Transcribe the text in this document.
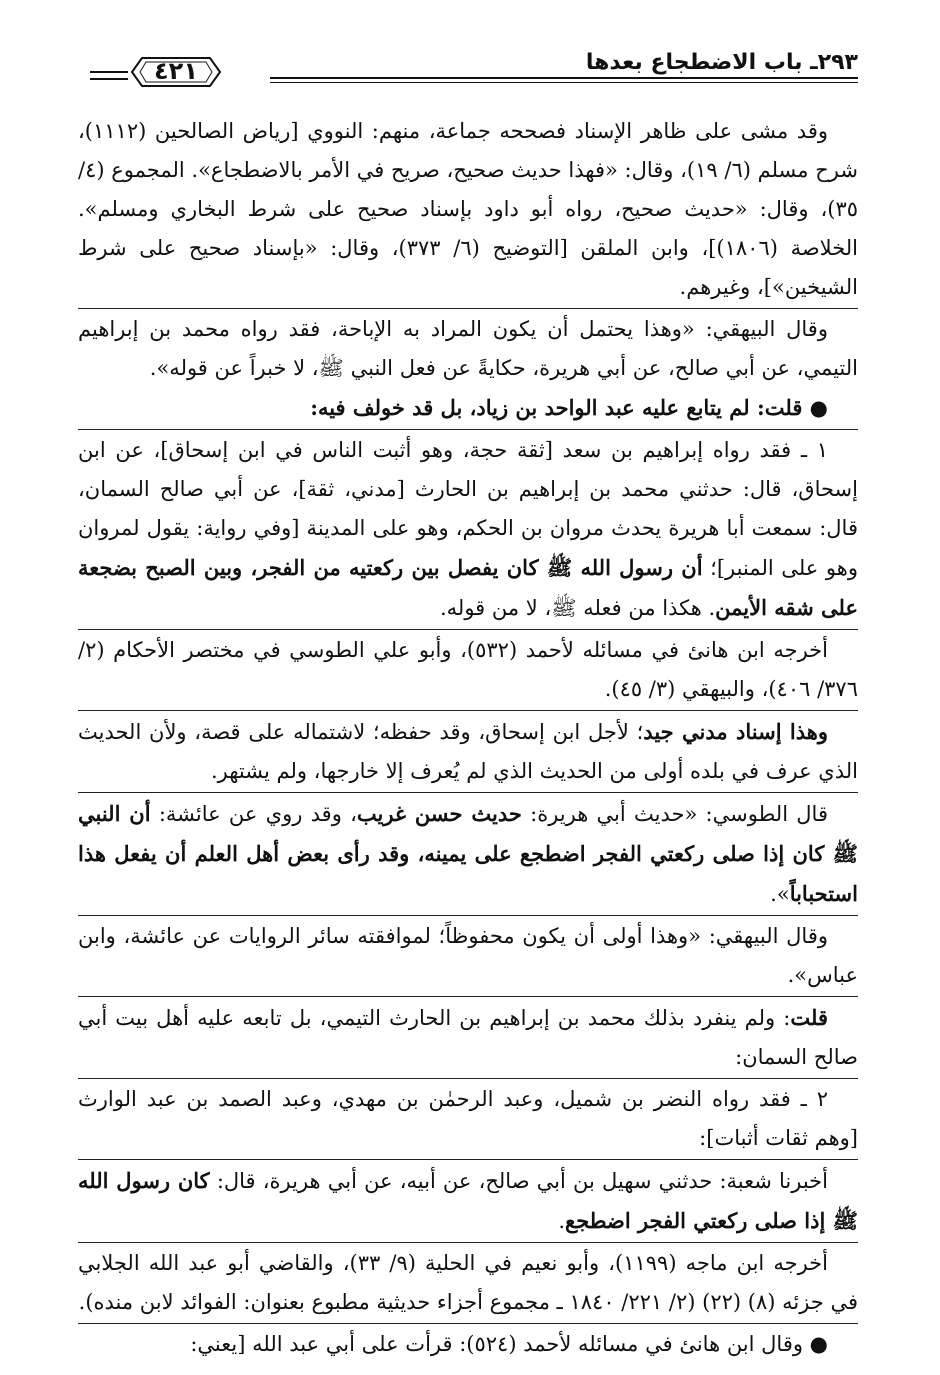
٢٩٣ـ باب الاضطجاع بعدها
٤٢١

وقد مشى على ظاهر الإسناد فصححه جماعة، منهم: النووي [رياض الصالحين (١١١٢)، شرح مسلم (٦/ ١٩)، وقال: «فهذا حديث صحيح، صريح في الأمر بالاضطجاع». المجموع (٤/ ٣٥)، وقال: «حديث صحيح، رواه أبو داود بإسناد صحيح على شرط البخاري ومسلم». الخلاصة (١٨٠٦)]، وابن الملقن [التوضيح (٦/ ٣٧٣)، وقال: «بإسناد صحيح على شرط الشيخين»]، وغيرهم.

وقال البيهقي: «وهذا يحتمل أن يكون المراد به الإباحة، فقد رواه محمد بن إبراهيم التيمي، عن أبي صالح، عن أبي هريرة، حكايةً عن فعل النبي ﷺ، لا خبراً عن قوله».

● قلت: لم يتابع عليه عبد الواحد بن زياد، بل قد خولف فيه:

١ ـ فقد رواه إبراهيم بن سعد [ثقة حجة، وهو أثبت الناس في ابن إسحاق]، عن ابن إسحاق، قال: حدثني محمد بن إبراهيم بن الحارث [مدني، ثقة]، عن أبي صالح السمان، قال: سمعت أبا هريرة يحدث مروان بن الحكم، وهو على المدينة [وفي رواية: يقول لمروان وهو على المنبر]؛ أن رسول الله ﷺ كان يفصل بين ركعتيه من الفجر، وبين الصبح بضجعة على شقه الأيمن. هكذا من فعله ﷺ، لا من قوله.

أخرجه ابن هانئ في مسائله لأحمد (٥٣٢)، وأبو علي الطوسي في مختصر الأحكام (٢/ ٣٧٦/ ٤٠٦)، والبيهقي (٣/ ٤٥).

وهذا إسناد مدني جيد؛ لأجل ابن إسحاق، وقد حفظه؛ لاشتماله على قصة، ولأن الحديث الذي عرف في بلده أولى من الحديث الذي لم يُعرف إلا خارجها، ولم يشتهر.

قال الطوسي: «حديث أبي هريرة: حديث حسن غريب، وقد روي عن عائشة: أن النبي ﷺ كان إذا صلى ركعتي الفجر اضطجع على يمينه، وقد رأى بعض أهل العلم أن يفعل هذا استحباباً».

وقال البيهقي: «وهذا أولى أن يكون محفوظاً؛ لموافقته سائر الروايات عن عائشة، وابن عباس».

قلت: ولم ينفرد بذلك محمد بن إبراهيم بن الحارث التيمي، بل تابعه عليه أهل بيت أبي صالح السمان:

٢ ـ فقد رواه النضر بن شميل، وعبد الرحمٰن بن مهدي، وعبد الصمد بن عبد الوارث [وهم ثقات أثبات]:

أخبرنا شعبة: حدثني سهيل بن أبي صالح، عن أبيه، عن أبي هريرة، قال: كان رسول الله ﷺ إذا صلى ركعتي الفجر اضطجع.

أخرجه ابن ماجه (١١٩٩)، وأبو نعيم في الحلية (٩/ ٣٣)، والقاضي أبو عبد الله الجلابي في جزئه (٨) (٢٢) (٢/ ٢٢١/ ١٨٤٠ ـ مجموع أجزاء حديثية مطبوع بعنوان: الفوائد لابن منده).

● وقال ابن هانئ في مسائله لأحمد (٥٢٤): قرأت على أبي عبد الله [يعني:
